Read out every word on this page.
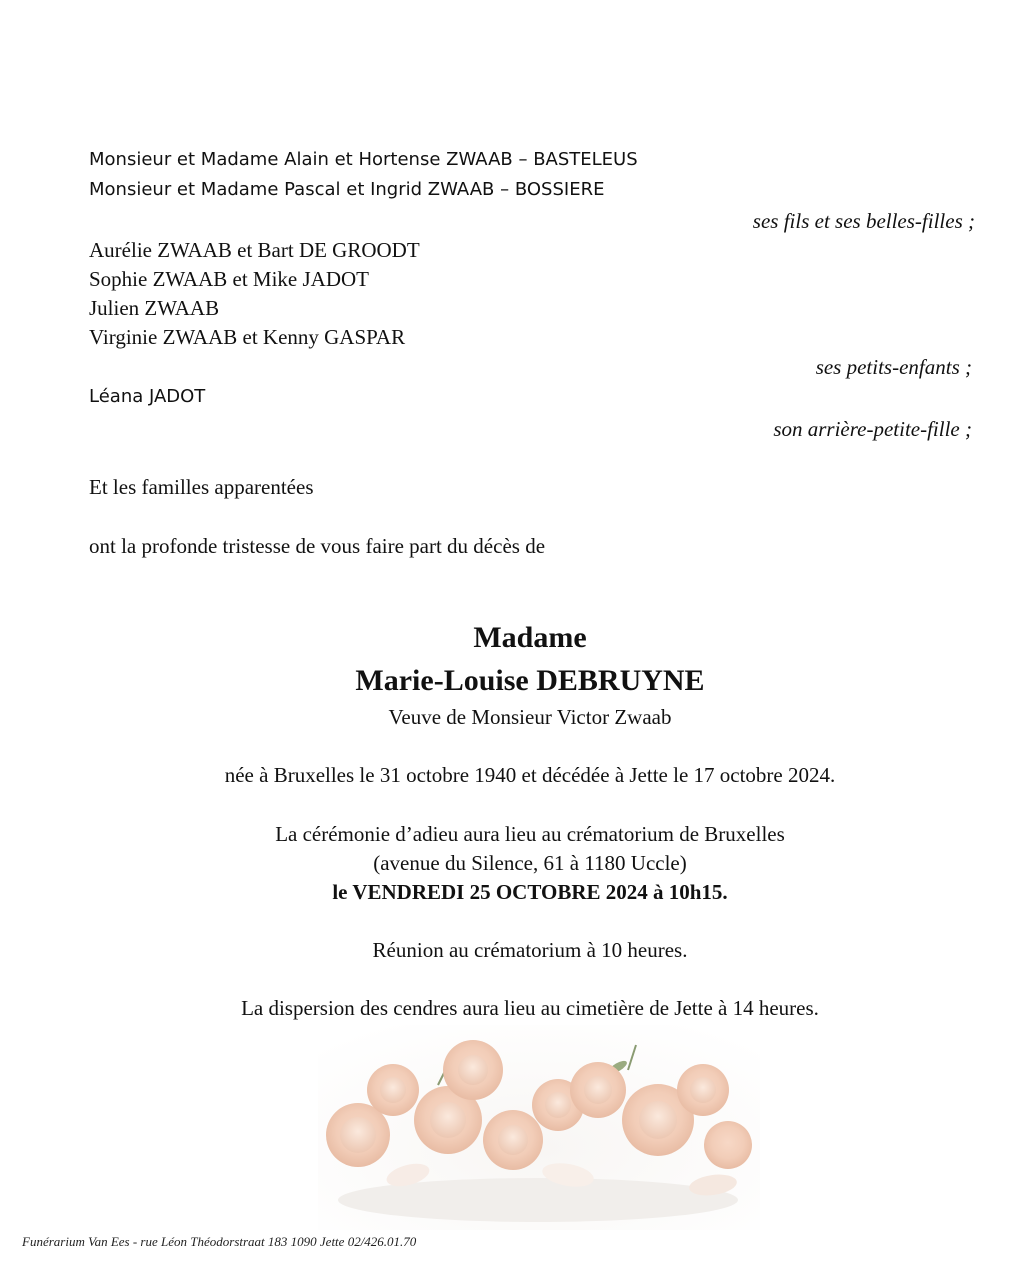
Monsieur et Madame Alain et Hortense ZWAAB – BASTELEUS
Monsieur et Madame Pascal et Ingrid ZWAAB – BOSSIERE
ses fils et ses belles-filles ;
Aurélie ZWAAB et Bart DE GROODT
Sophie ZWAAB et Mike JADOT
Julien ZWAAB
Virginie ZWAAB et Kenny GASPAR
ses petits-enfants ;
Léana JADOT
son arrière-petite-fille ;
Et les familles apparentées
ont la profonde tristesse de vous faire part du décès de
Madame
Marie-Louise DEBRUYNE
Veuve de Monsieur Victor Zwaab
née à Bruxelles le 31 octobre 1940 et décédée à Jette le 17 octobre 2024.
La cérémonie d’adieu aura lieu au crématorium de Bruxelles
(avenue du Silence, 61 à 1180 Uccle)
le VENDREDI 25 OCTOBRE 2024 à 10h15.
Réunion au crématorium à 10 heures.
La dispersion des cendres aura lieu au cimetière de Jette à 14 heures.
Funérarium Van Ees - rue Léon Théodorstraat 183 1090 Jette 02/426.01.70
